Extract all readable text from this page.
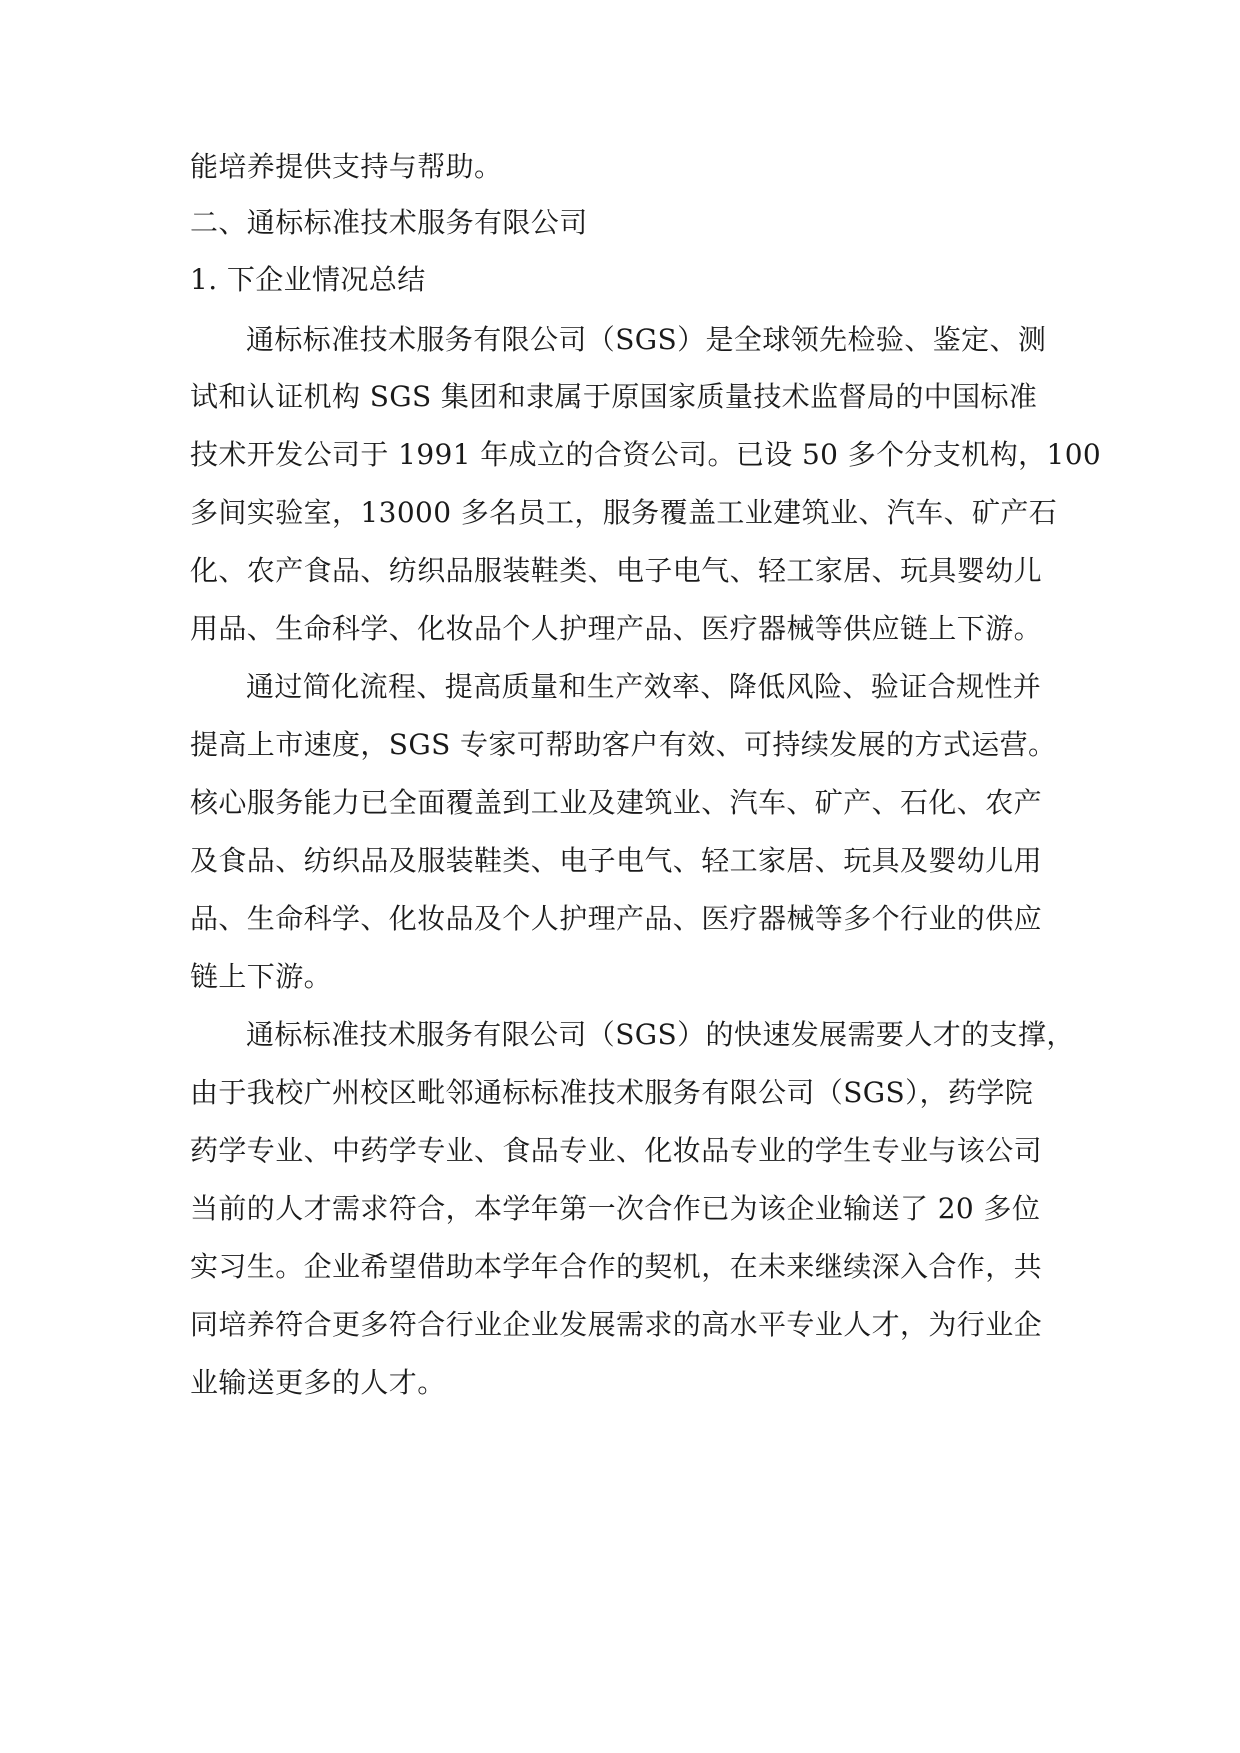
能培养提供支持与帮助。
二、通标标准技术服务有限公司
1. 下企业情况总结
通标标准技术服务有限公司（SGS）是全球领先检验、鉴定、测
试和认证机构 SGS 集团和隶属于原国家质量技术监督局的中国标准
技术开发公司于 1991 年成立的合资公司。已设 50 多个分支机构，100
多间实验室，13000 多名员工，服务覆盖工业建筑业、汽车、矿产石
化、农产食品、纺织品服装鞋类、电子电气、轻工家居、玩具婴幼儿
用品、生命科学、化妆品个人护理产品、医疗器械等供应链上下游。
通过简化流程、提高质量和生产效率、降低风险、验证合规性并
提高上市速度，SGS 专家可帮助客户有效、可持续发展的方式运营。
核心服务能力已全面覆盖到工业及建筑业、汽车、矿产、石化、农产
及食品、纺织品及服装鞋类、电子电气、轻工家居、玩具及婴幼儿用
品、生命科学、化妆品及个人护理产品、医疗器械等多个行业的供应
链上下游。
通标标准技术服务有限公司（SGS）的快速发展需要人才的支撑，
由于我校广州校区毗邻通标标准技术服务有限公司（SGS），药学院
药学专业、中药学专业、食品专业、化妆品专业的学生专业与该公司
当前的人才需求符合，本学年第一次合作已为该企业输送了 20 多位
实习生。企业希望借助本学年合作的契机，在未来继续深入合作，共
同培养符合更多符合行业企业发展需求的高水平专业人才，为行业企
业输送更多的人才。
